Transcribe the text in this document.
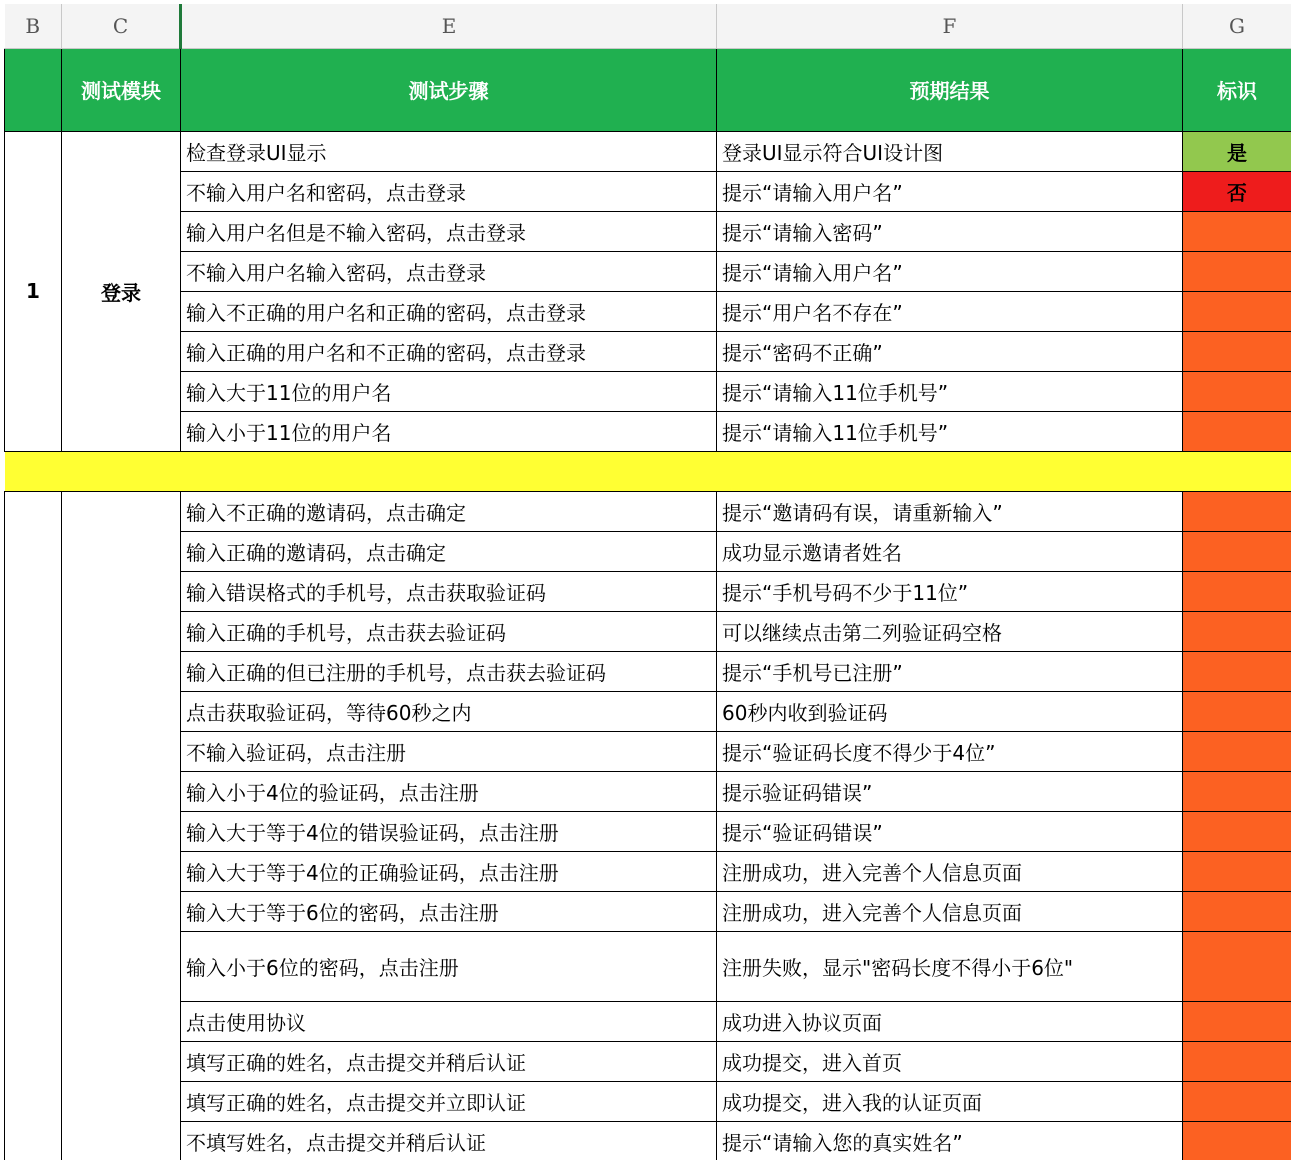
B	C	E	F	G
	测试模块	测试步骤	预期结果	标识
1	登录	检查登录UI显示	登录UI显示符合UI设计图	是
		不输入用户名和密码，点击登录	提示“请输入用户名”	否
		输入用户名但是不输入密码，点击登录	提示“请输入密码”	
		不输入用户名输入密码，点击登录	提示“请输入用户名”	
		输入不正确的用户名和正确的密码，点击登录	提示“用户名不存在”	
		输入正确的用户名和不正确的密码，点击登录	提示“密码不正确”	
		输入大于11位的用户名	提示“请输入11位手机号”	
		输入小于11位的用户名	提示“请输入11位手机号”	

		输入不正确的邀请码，点击确定	提示“邀请码有误，请重新输入”	
		输入正确的邀请码，点击确定	成功显示邀请者姓名	
		输入错误格式的手机号，点击获取验证码	提示“手机号码不少于11位”	
		输入正确的手机号，点击获去验证码	可以继续点击第二列验证码空格	
		输入正确的但已注册的手机号，点击获去验证码	提示“手机号已注册”	
		点击获取验证码，等待60秒之内	60秒内收到验证码	
		不输入验证码，点击注册	提示“验证码长度不得少于4位”	
		输入小于4位的验证码，点击注册	提示验证码错误”	
		输入大于等于4位的错误验证码，点击注册	提示“验证码错误”	
		输入大于等于4位的正确验证码，点击注册	注册成功，进入完善个人信息页面	
		输入大于等于6位的密码，点击注册	注册成功，进入完善个人信息页面	
		输入小于6位的密码，点击注册	注册失败，显示"密码长度不得小于6位"	
		点击使用协议	成功进入协议页面	
		填写正确的姓名，点击提交并稍后认证	成功提交，进入首页	
		填写正确的姓名，点击提交并立即认证	成功提交，进入我的认证页面	
		不填写姓名，点击提交并稍后认证	提示“请输入您的真实姓名”	
